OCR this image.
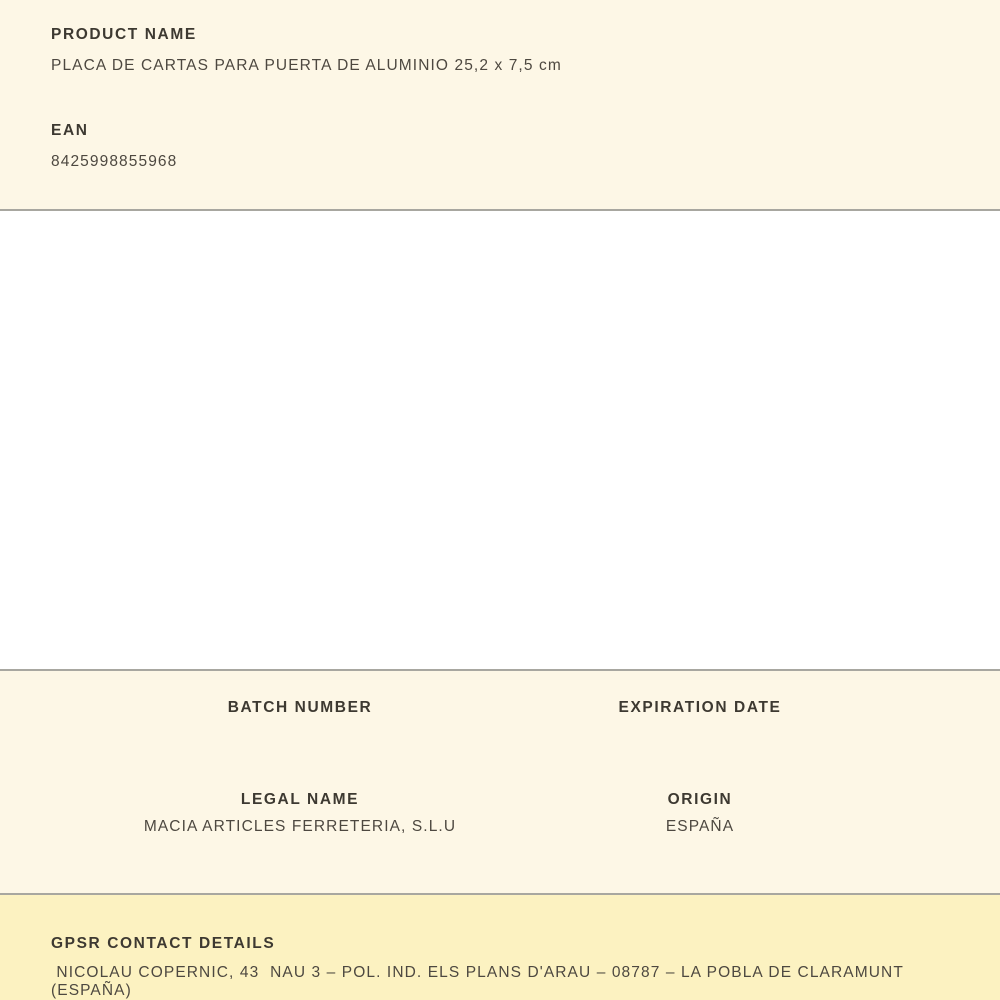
PRODUCT NAME
PLACA DE CARTAS PARA PUERTA DE ALUMINIO 25,2 x 7,5 cm
EAN
8425998855968
BATCH NUMBER	EXPIRATION DATE
LEGAL NAME
MACIA ARTICLES FERRETERIA, S.L.U
ORIGIN
ESPAÑA
GPSR CONTACT DETAILS
NICOLAU COPERNIC, 43  NAU 3 – POL. IND. ELS PLANS D'ARAU – 08787 – LA POBLA DE CLARAMUNT (ESPAÑA)
